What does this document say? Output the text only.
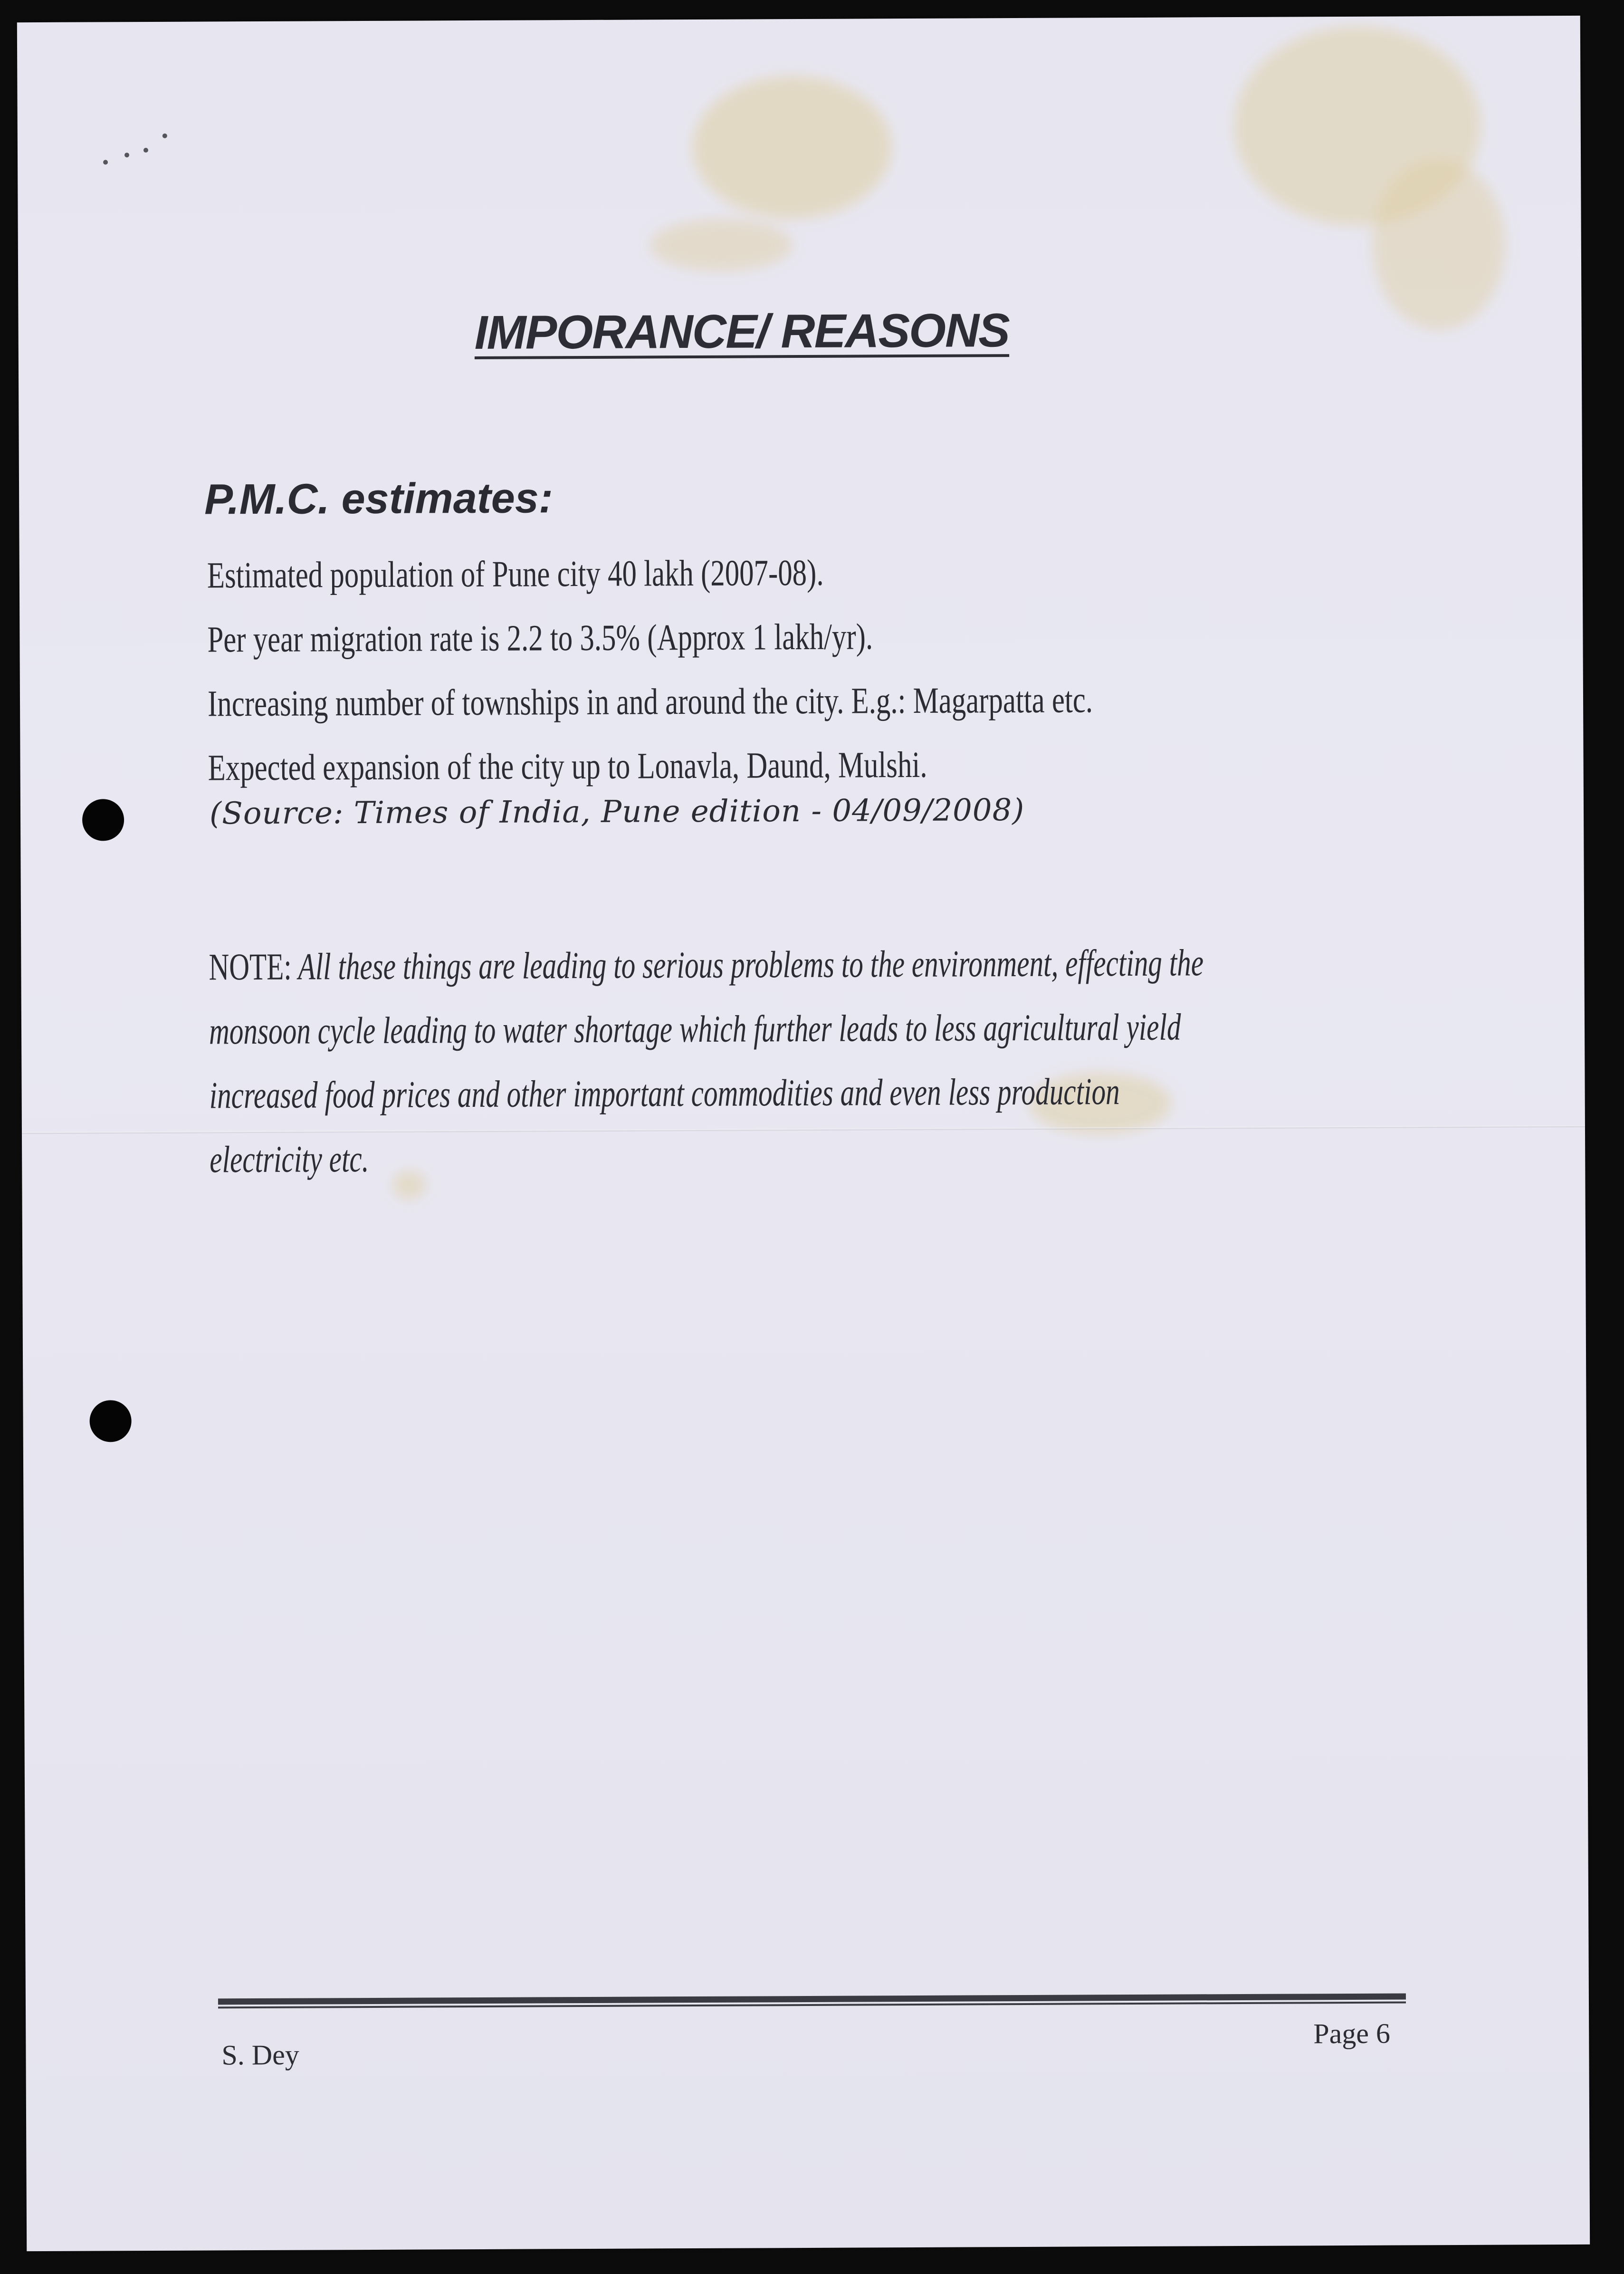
IMPORANCE/ REASONS
P.M.C. estimates:
Estimated population of Pune city 40 lakh (2007-08).
Per year migration rate is 2.2 to 3.5% (Approx 1 lakh/yr).
Increasing number of townships in and around the city. E.g.: Magarpatta etc.
Expected expansion of the city up to Lonavla, Daund, Mulshi.
(Source: Times of India, Pune edition - 04/09/2008)
NOTE: All these things are leading to serious problems to the environment, effecting the
monsoon cycle leading to water shortage which further leads to less agricultural yield
increased food prices and other important commodities and even less production
electricity etc.
S. Dey
Page 6
